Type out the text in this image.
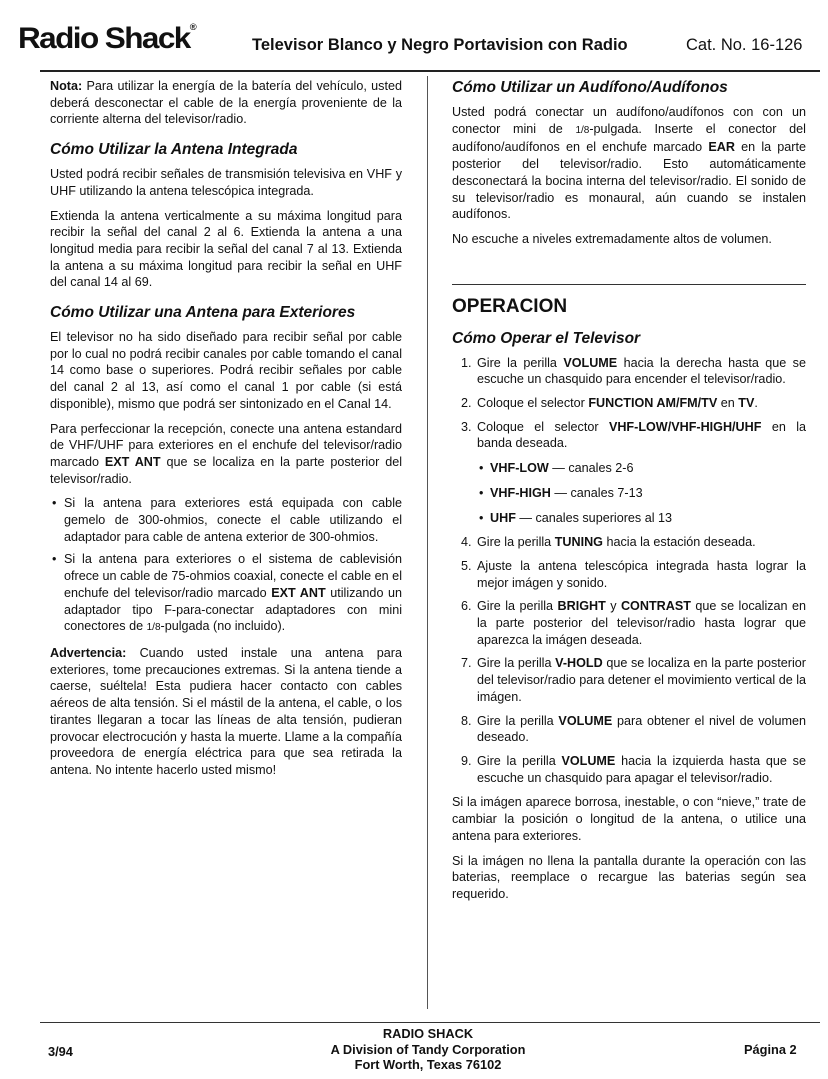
Radio Shack®
Televisor Blanco y Negro Portavision con Radio	Cat. No. 16-126

Nota: Para utilizar la energía de la batería del vehículo, usted deberá desconectar el cable de la energía proveniente de la corriente alterna del televisor/radio.

Cómo Utilizar la Antena Integrada

Usted podrá recibir señales de transmisión televisiva en VHF y UHF utilizando la antena telescópica integrada.

Extienda la antena verticalmente a su máxima longitud para recibir la señal del canal 2 al 6. Extienda la antena a una longitud media para recibir la señal del canal 7 al 13. Extienda la antena a su máxima longitud para recibir la señal en UHF del canal 14 al 69.

Cómo Utilizar una Antena para Exteriores

El televisor no ha sido diseñado para recibir señal por cable por lo cual no podrá recibir canales por cable tomando el canal 14 como base o superiores. Podrá recibir señales por cable del canal 2 al 13, así como el canal 1 por cable (si está disponible), mismo que podrá ser sintonizado en el Canal 14.

Para perfeccionar la recepción, conecte una antena estandard de VHF/UHF para exteriores en el enchufe del televisor/radio marcado EXT ANT que se localiza en la parte posterior del televisor/radio.

• Si la antena para exteriores está equipada con cable gemelo de 300-ohmios, conecte el cable utilizando el adaptador para cable de antena exterior de 300-ohmios.
• Si la antena para exteriores o el sistema de cablevisión ofrece un cable de 75-ohmios coaxial, conecte el cable en el enchufe del televisor/radio marcado EXT ANT utilizando un adaptador tipo F-para-conectar adaptadores con mini conectores de 1/8-pulgada (no incluido).

Advertencia: Cuando usted instale una antena para exteriores, tome precauciones extremas. Si la antena tiende a caerse, suéltela! Esta pudiera hacer contacto con cables aéreos de alta tensión. Si el mástil de la antena, el cable, o los tirantes llegaran a tocar las líneas de alta tensión, pudieran provocar electrocución y hasta la muerte. Llame a la compañía proveedora de energía eléctrica para que sea retirada la antena. No intente hacerlo usted mismo!

Cómo Utilizar un Audífono/Audífonos

Usted podrá conectar un audífono/audífonos con con un conector mini de 1/8-pulgada. Inserte el conector del audífono/audífonos en el enchufe marcado EAR en la parte posterior del televisor/radio. Esto automáticamente desconectará la bocina interna del televisor/radio. El sonido de su televisor/radio es monaural, aún cuando se instalen audífonos.

No escuche a niveles extremadamente altos de volumen.

OPERACION
Cómo Operar el Televisor
1. Gire la perilla VOLUME hacia la derecha hasta que se escuche un chasquido para encender el televisor/radio.
2. Coloque el selector FUNCTION AM/FM/TV en TV.
3. Coloque el selector VHF-LOW/VHF-HIGH/UHF en la banda deseada.
• VHF-LOW — canales 2-6
• VHF-HIGH — canales 7-13
• UHF — canales superiores al 13
4. Gire la perilla TUNING hacia la estación deseada.
5. Ajuste la antena telescópica integrada hasta lograr la mejor imágen y sonido.
6. Gire la perilla BRIGHT y CONTRAST que se localizan en la parte posterior del televisor/radio hasta lograr que aparezca la imágen deseada.
7. Gire la perilla V-HOLD que se localiza en la parte posterior del televisor/radio para detener el movimiento vertical de la imágen.
8. Gire la perilla VOLUME para obtener el nivel de volumen deseado.
9. Gire la perilla VOLUME hacia la izquierda hasta que se escuche un chasquido para apagar el televisor/radio.

Si la imágen aparece borrosa, inestable, o con “nieve,” trate de cambiar la posición o longitud de la antena, o utilice una antena para exteriores.

Si la imágen no llena la pantalla durante la operación con las baterias, reemplace o recargue las baterias según sea requerido.

3/94
RADIO SHACK
A Division of Tandy Corporation
Fort Worth, Texas 76102
Página 2
